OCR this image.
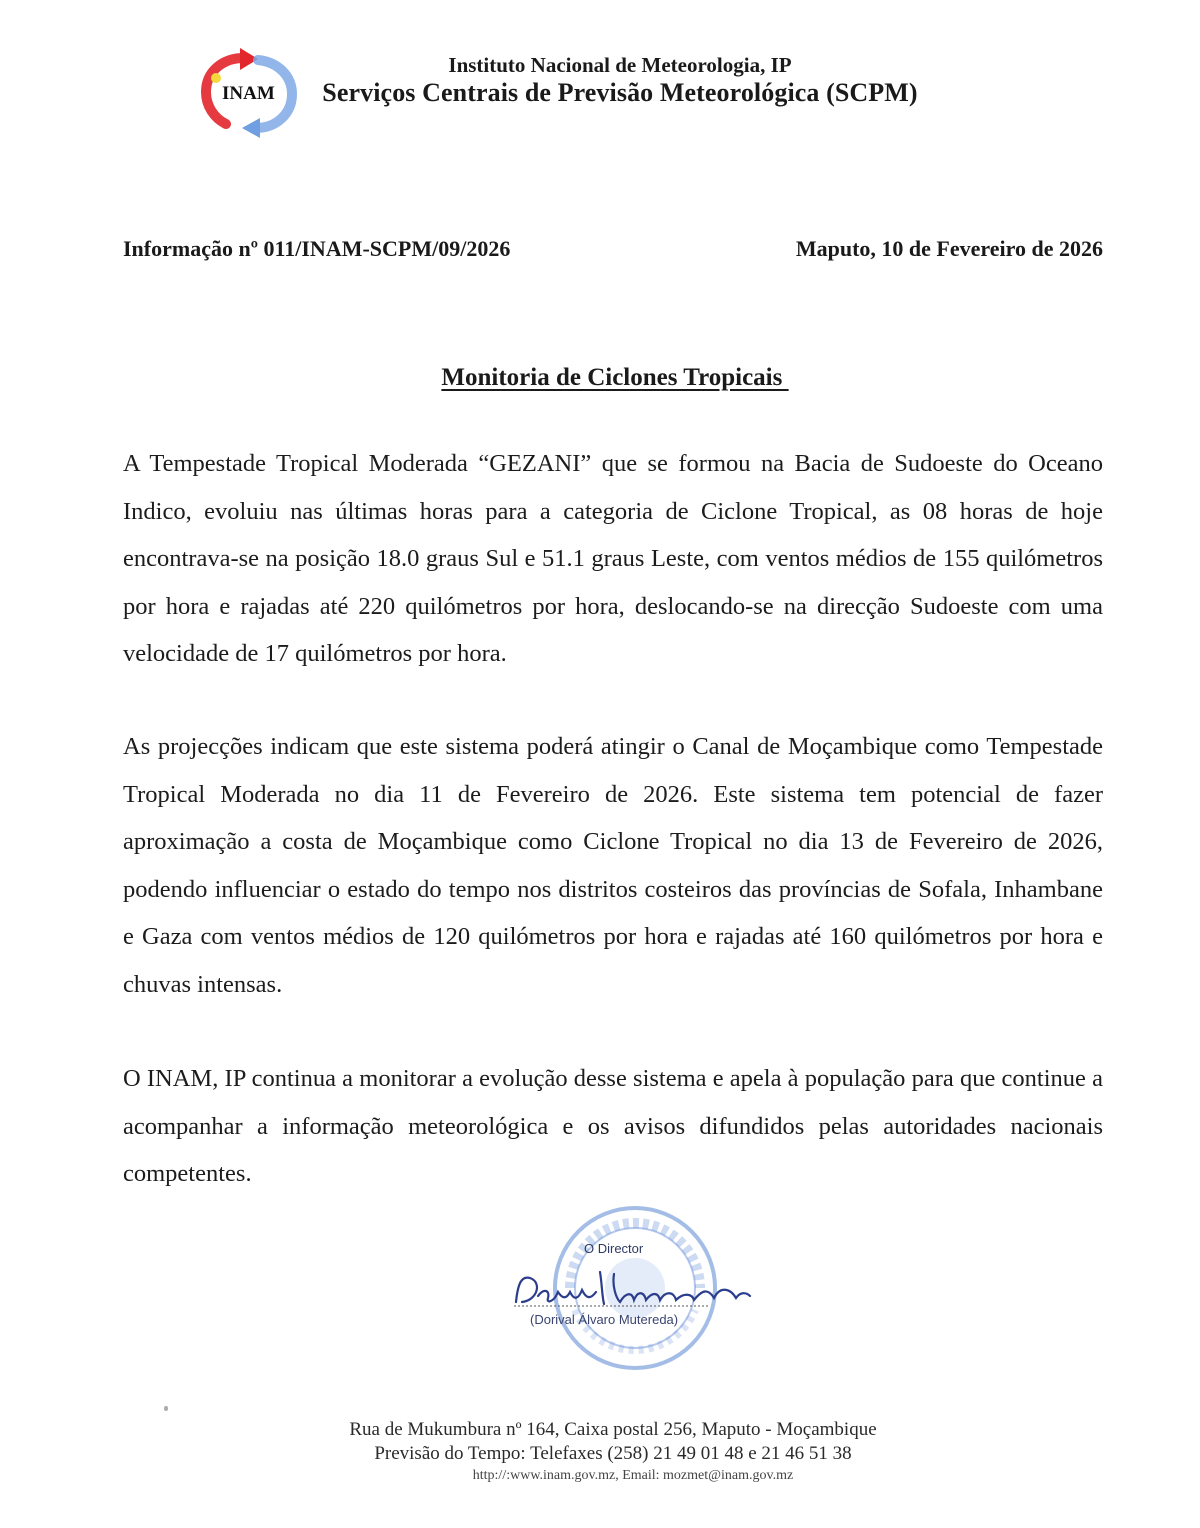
INAM
Instituto Nacional de Meteorologia, IP
Serviços Centrais de Previsão Meteorológica (SCPM)
Informação nº 011/INAM-SCPM/09/2026	Maputo, 10 de Fevereiro de 2026
Monitoria de Ciclones Tropicais

A Tempestade Tropical Moderada “GEZANI” que se formou na Bacia de Sudoeste do Oceano Indico, evoluiu nas últimas horas para a categoria de Ciclone Tropical, as 08 horas de hoje encontrava-se na posição 18.0 graus Sul e 51.1 graus Leste, com ventos médios de 155 quilómetros por hora e rajadas até 220 quilómetros por hora, deslocando-se na direcção Sudoeste com uma velocidade de 17 quilómetros por hora.

As projecções indicam que este sistema poderá atingir o Canal de Moçambique como Tempestade Tropical Moderada no dia 11 de Fevereiro de 2026. Este sistema tem potencial de fazer aproximação a costa de Moçambique como Ciclone Tropical no dia 13 de Fevereiro de 2026, podendo influenciar o estado do tempo nos distritos costeiros das províncias de Sofala, Inhambane e Gaza com ventos médios de 120 quilómetros por hora e rajadas até 160 quilómetros por hora e chuvas intensas.

O INAM, IP continua a monitorar a evolução desse sistema e apela à população para que continue a acompanhar a informação meteorológica e os avisos difundidos pelas autoridades nacionais competentes.

O Director
(Dorival Álvaro Mutereda)
Rua de Mukumbura nº 164, Caixa postal 256, Maputo - Moçambique
Previsão do Tempo: Telefaxes (258) 21 49 01 48 e 21 46 51 38
http://:www.inam.gov.mz, Email: mozmet@inam.gov.mz
